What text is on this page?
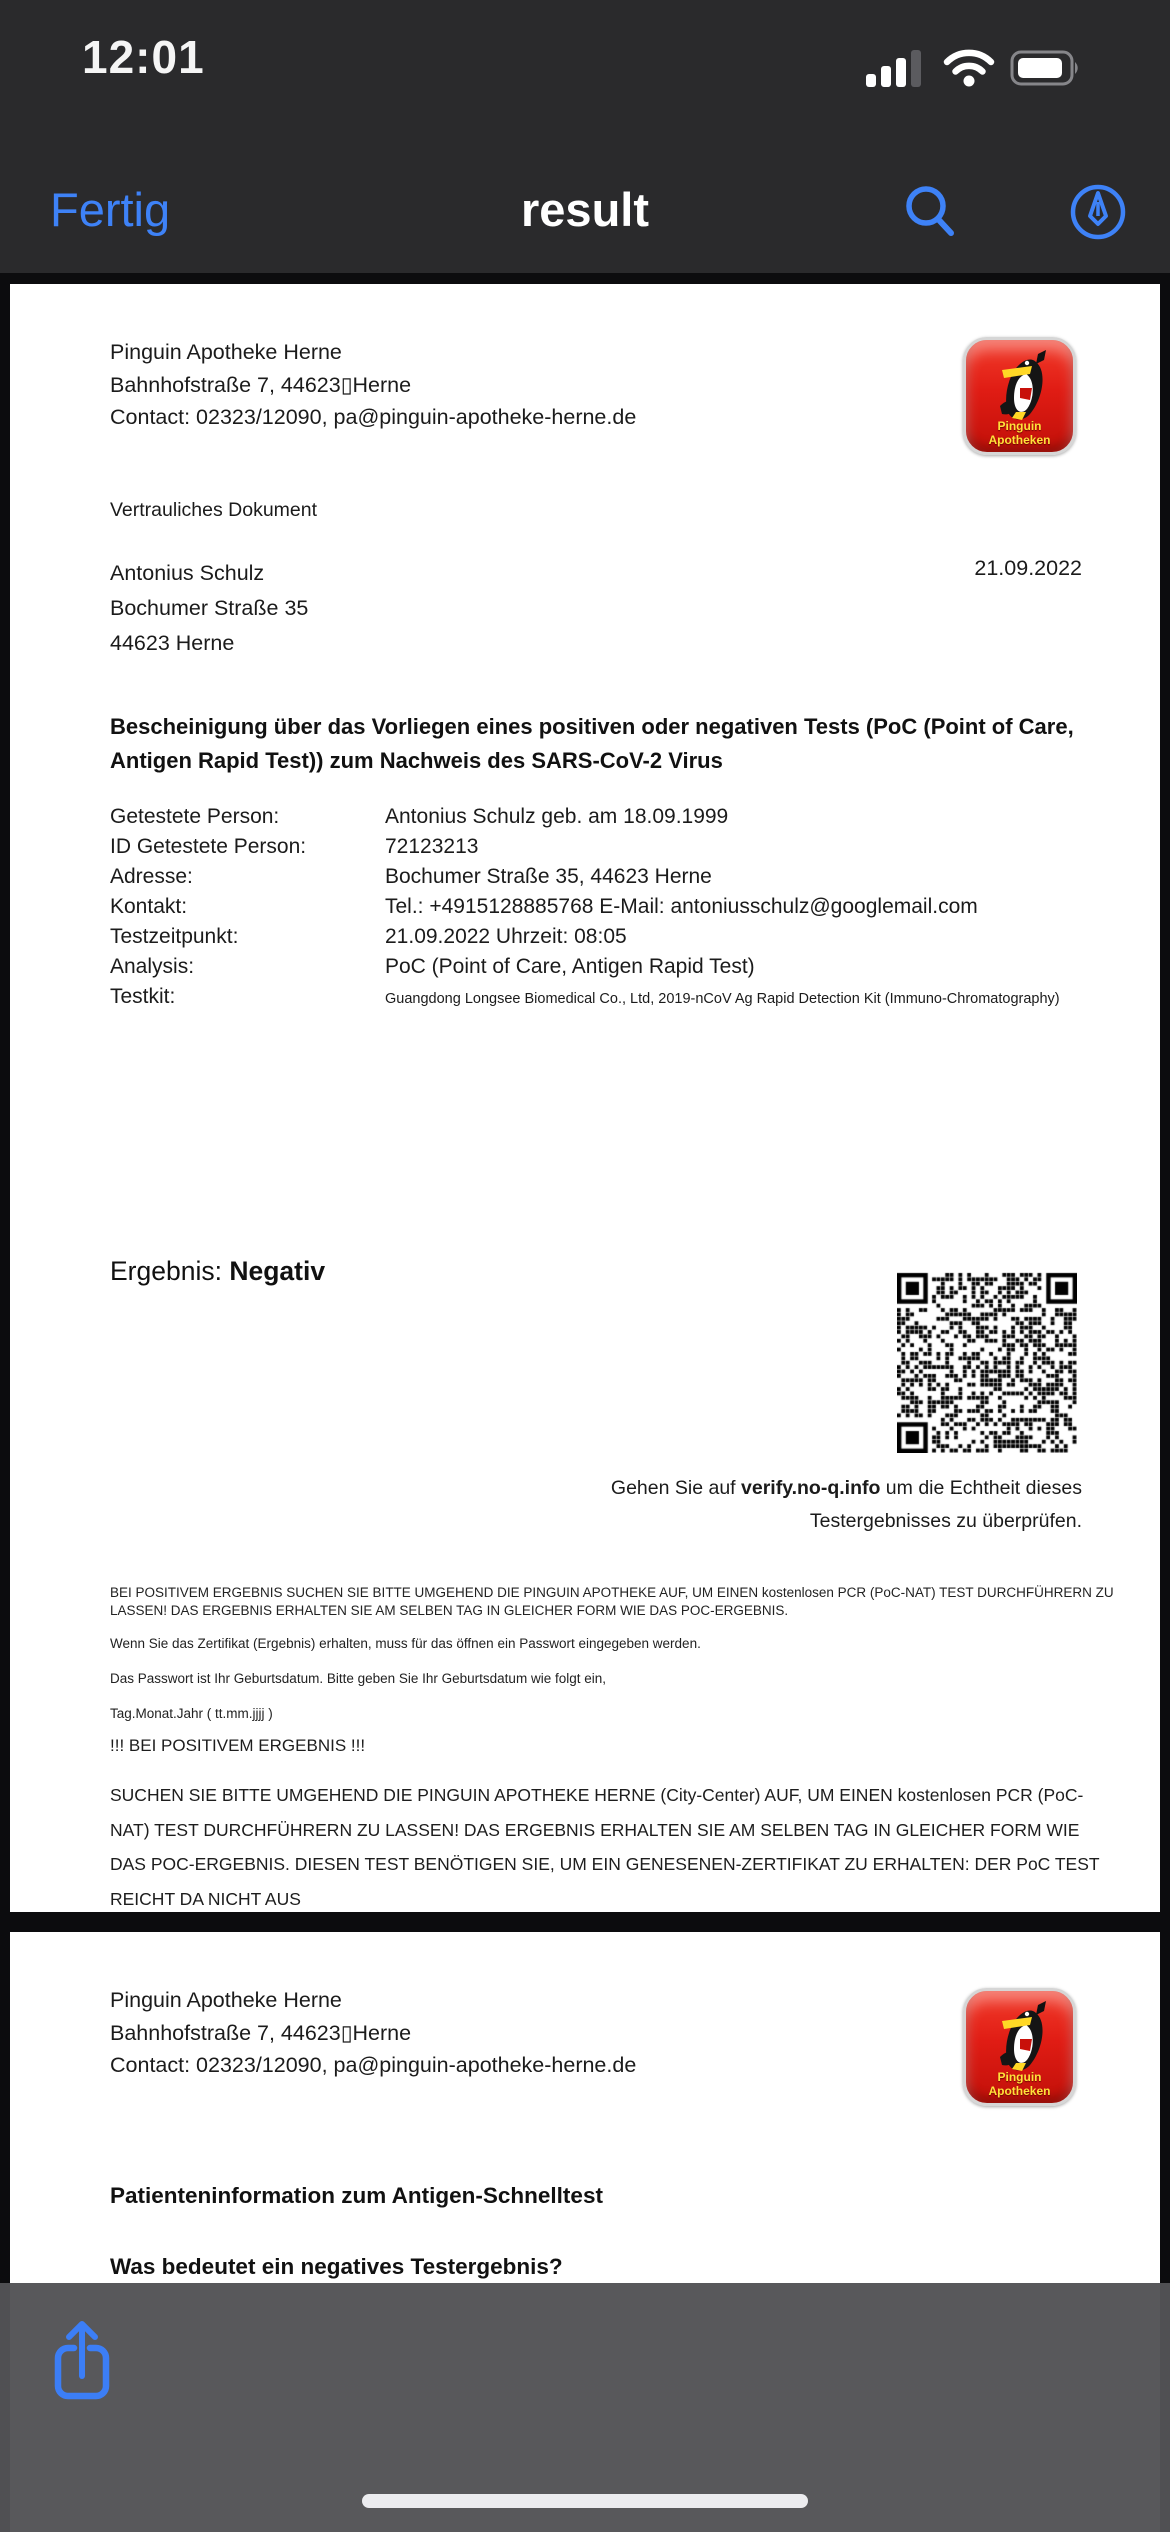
12:01
Fertig	result
Pinguin Apotheke Herne
Bahnhofstraße 7, 44623▯Herne
Contact: 02323/12090, pa@pinguin-apotheke-herne.de	Pinguin Apotheken
Vertrauliches Dokument
Antonius Schulz
Bochumer Straße 35
44623 Herne
21.09.2022
Bescheinigung über das Vorliegen eines positiven oder negativen Tests (PoC (Point of Care, Antigen Rapid Test)) zum Nachweis des SARS-CoV-2 Virus
Getestete Person:	Antonius Schulz geb. am 18.09.1999
ID Getestete Person:	72123213
Adresse:	Bochumer Straße 35, 44623 Herne
Kontakt:	Tel.: +4915128885768 E-Mail: antoniusschulz@googlemail.com
Testzeitpunkt:	21.09.2022 Uhrzeit: 08:05
Analysis:	PoC (Point of Care, Antigen Rapid Test)
Testkit:	Guangdong Longsee Biomedical Co., Ltd, 2019-nCoV Ag Rapid Detection Kit (Immuno-Chromatography)
Ergebnis: Negativ
Gehen Sie auf verify.no-q.info um die Echtheit dieses Testergebnisses zu überprüfen.
BEI POSITIVEM ERGEBNIS SUCHEN SIE BITTE UMGEHEND DIE PINGUIN APOTHEKE AUF, UM EINEN kostenlosen PCR (PoC-NAT) TEST DURCHFÜHRERN ZU LASSEN! DAS ERGEBNIS ERHALTEN SIE AM SELBEN TAG IN GLEICHER FORM WIE DAS POC-ERGEBNIS.
Wenn Sie das Zertifikat (Ergebnis) erhalten, muss für das öffnen ein Passwort eingegeben werden.
Das Passwort ist Ihr Geburtsdatum. Bitte geben Sie Ihr Geburtsdatum wie folgt ein,
Tag.Monat.Jahr ( tt.mm.jjjj )
!!! BEI POSITIVEM ERGEBNIS !!!
SUCHEN SIE BITTE UMGEHEND DIE PINGUIN APOTHEKE HERNE (City-Center) AUF, UM EINEN kostenlosen PCR (PoC-NAT) TEST DURCHFÜHRERN ZU LASSEN! DAS ERGEBNIS ERHALTEN SIE AM SELBEN TAG IN GLEICHER FORM WIE DAS POC-ERGEBNIS. DIESEN TEST BENÖTIGEN SIE, UM EIN GENESENEN-ZERTIFIKAT ZU ERHALTEN: DER PoC TEST REICHT DA NICHT AUS
Pinguin Apotheke Herne
Bahnhofstraße 7, 44623▯Herne
Contact: 02323/12090, pa@pinguin-apotheke-herne.de	Pinguin Apotheken
Patienteninformation zum Antigen-Schnelltest
Was bedeutet ein negatives Testergebnis?
